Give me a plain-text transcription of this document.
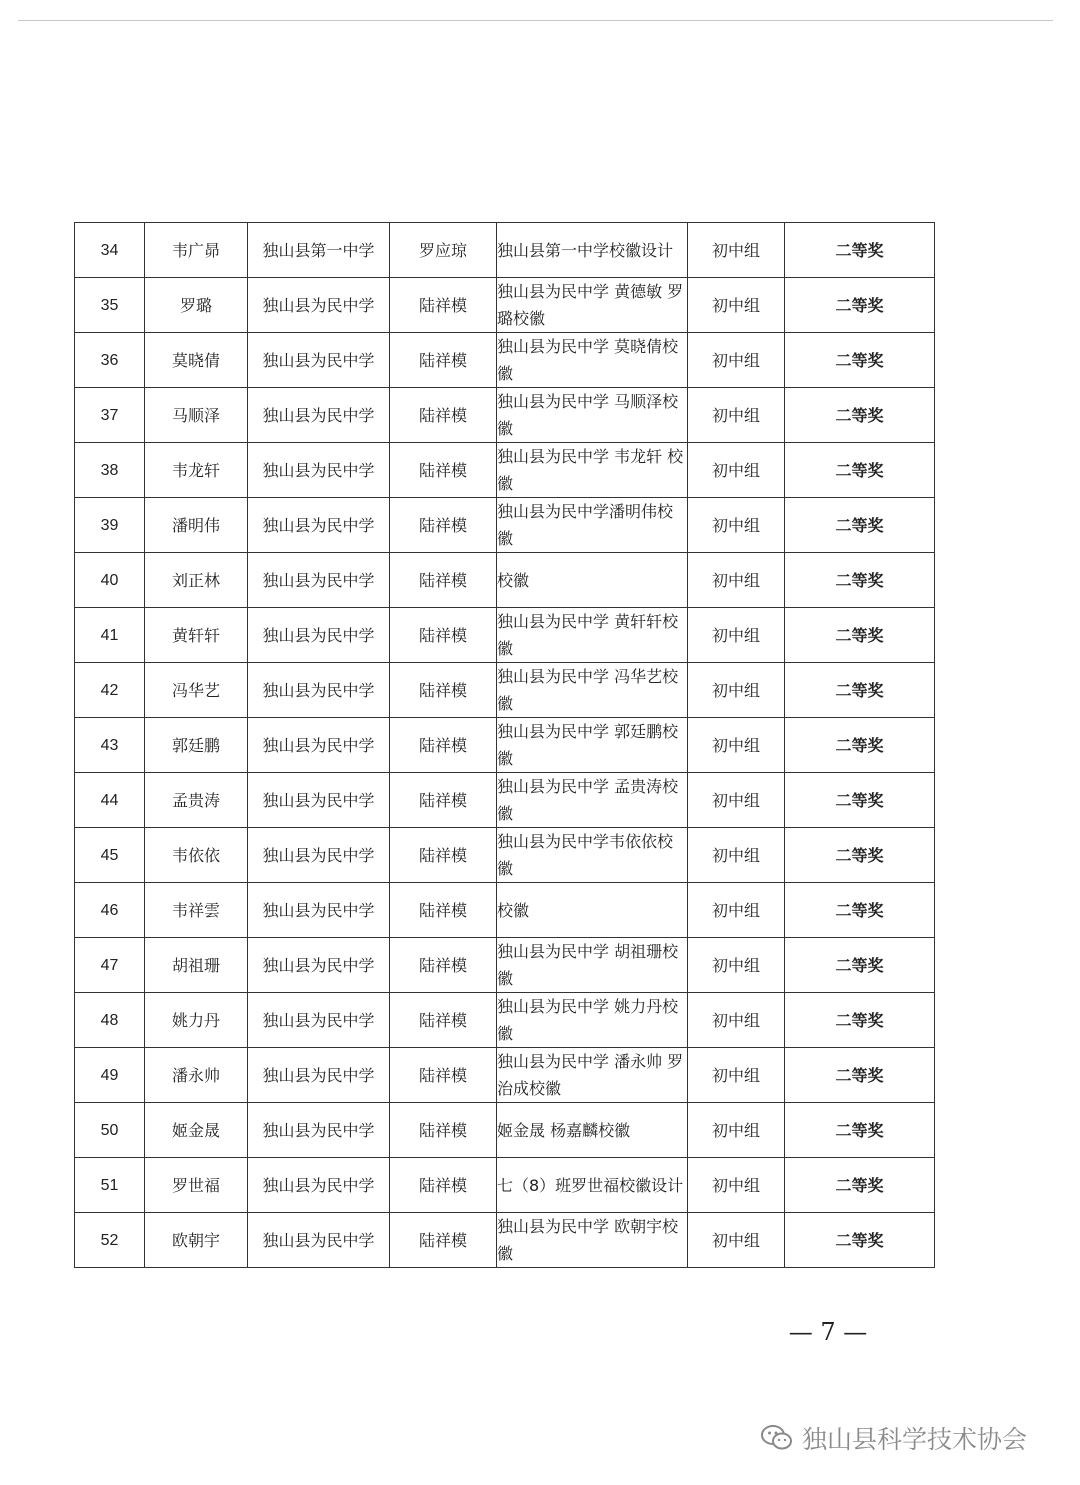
34	韦广昴	独山县第一中学	罗应琼	独山县第一中学校徽设计	初中组	二等奖
35	罗璐	独山县为民中学	陆祥模	独山县为民中学 黄德敏 罗璐校徽	初中组	二等奖
36	莫晓倩	独山县为民中学	陆祥模	独山县为民中学 莫晓倩校徽	初中组	二等奖
37	马顺泽	独山县为民中学	陆祥模	独山县为民中学 马顺泽校徽	初中组	二等奖
38	韦龙轩	独山县为民中学	陆祥模	独山县为民中学 韦龙轩 校徽	初中组	二等奖
39	潘明伟	独山县为民中学	陆祥模	独山县为民中学潘明伟校徽	初中组	二等奖
40	刘正林	独山县为民中学	陆祥模	校徽	初中组	二等奖
41	黄轩轩	独山县为民中学	陆祥模	独山县为民中学 黄轩轩校徽	初中组	二等奖
42	冯华艺	独山县为民中学	陆祥模	独山县为民中学 冯华艺校徽	初中组	二等奖
43	郭廷鹏	独山县为民中学	陆祥模	独山县为民中学 郭廷鹏校徽	初中组	二等奖
44	孟贵涛	独山县为民中学	陆祥模	独山县为民中学 孟贵涛校徽	初中组	二等奖
45	韦依依	独山县为民中学	陆祥模	独山县为民中学韦依依校徽	初中组	二等奖
46	韦祥雲	独山县为民中学	陆祥模	校徽	初中组	二等奖
47	胡祖珊	独山县为民中学	陆祥模	独山县为民中学 胡祖珊校徽	初中组	二等奖
48	姚力丹	独山县为民中学	陆祥模	独山县为民中学 姚力丹校徽	初中组	二等奖
49	潘永帅	独山县为民中学	陆祥模	独山县为民中学 潘永帅 罗治成校徽	初中组	二等奖
50	姬金晟	独山县为民中学	陆祥模	姬金晟 杨嘉麟校徽	初中组	二等奖
51	罗世福	独山县为民中学	陆祥模	七（8）班罗世福校徽设计	初中组	二等奖
52	欧朝宇	独山县为民中学	陆祥模	独山县为民中学 欧朝宇校徽	初中组	二等奖
— 7 —
独山县科学技术协会
